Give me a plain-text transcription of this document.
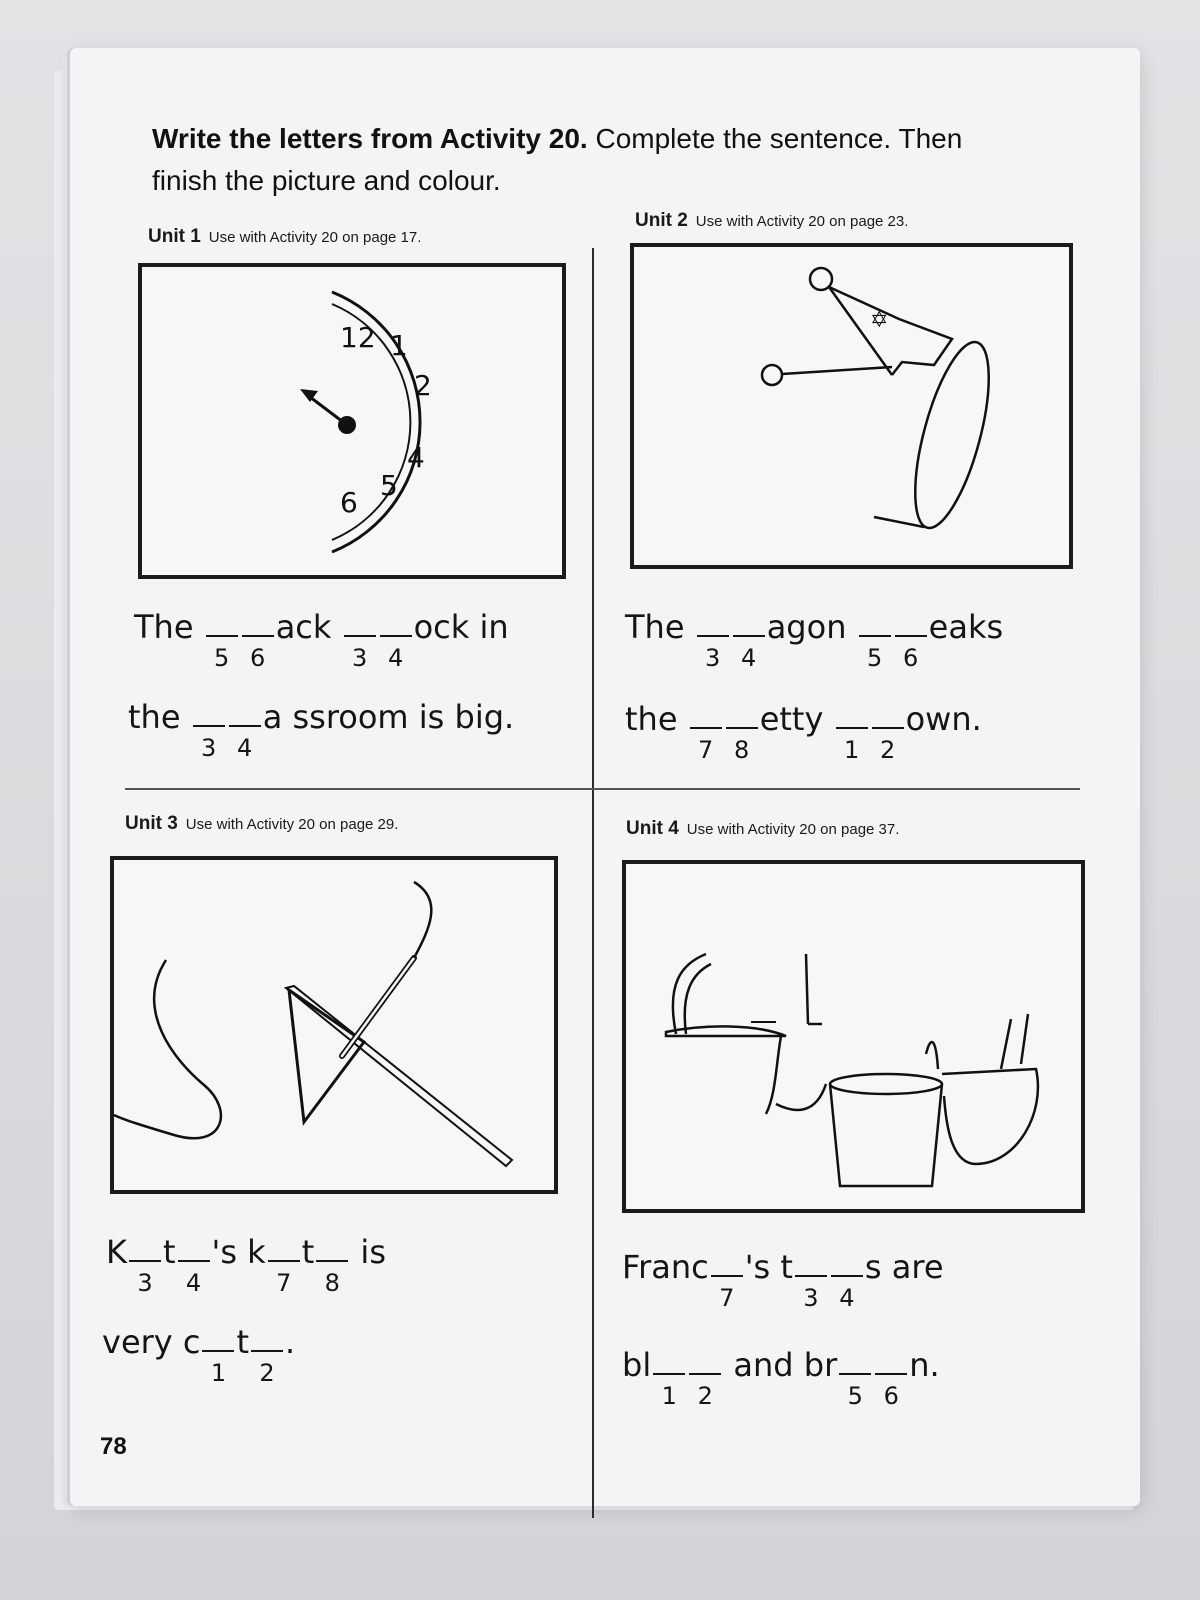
Write the letters from Activity 20. Complete the sentence. Then finish the picture and colour.
Unit 1 Use with Activity 20 on page 17.
12 1
2
4
5
6
The
5 6
ack
3 4
ock in
the
3 4
a ssroom is big.
Unit 2 Use with Activity 20 on page 23.
✡
The
3 4
agon
5 6
eaks
the
7 8
etty
1 2
own.
Unit 3 Use with Activity 20 on page 29.
K
3
t
4
's k
7
t
8
is
very c
1
t
2
.
Unit 4 Use with Activity 20 on page 37.
Franc
7
's t
3 4
s are
bl
1 2
and br
5 6
n.
78
